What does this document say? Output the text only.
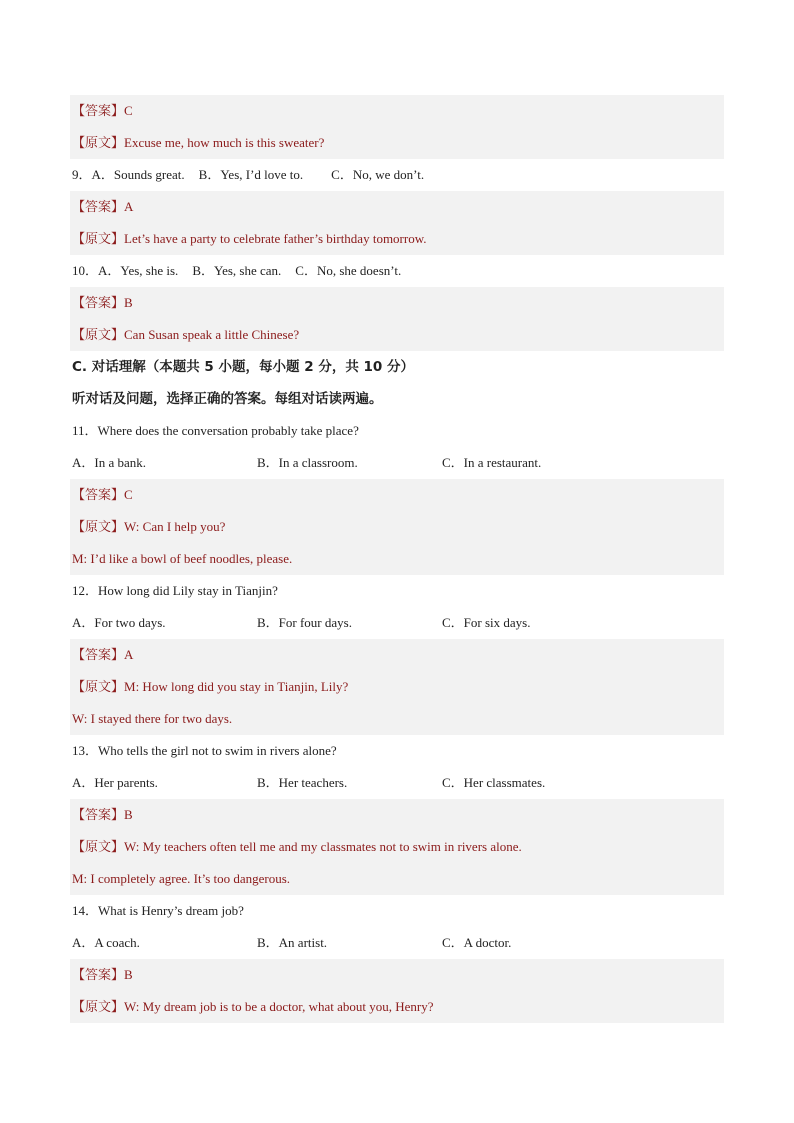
【答案】C
【原文】Excuse me, how much is this sweater?
9．A．Sounds great. B．Yes, I’d love to. C．No, we don’t.
【答案】A
【原文】Let’s have a party to celebrate father’s birthday tomorrow.
10．A．Yes, she is. B．Yes, she can. C．No, she doesn’t.
【答案】B
【原文】Can Susan speak a little Chinese?
C. 对话理解（本题共 5 小题，每小题 2 分，共 10 分）
听对话及问题，选择正确的答案。每组对话读两遍。
11．Where does the conversation probably take place?
A．In a bank.	B．In a classroom.	C．In a restaurant.
【答案】C
【原文】W: Can I help you?
M: I’d like a bowl of beef noodles, please.
12．How long did Lily stay in Tianjin?
A．For two days.	B．For four days.	C．For six days.
【答案】A
【原文】M: How long did you stay in Tianjin, Lily?
W: I stayed there for two days.
13．Who tells the girl not to swim in rivers alone?
A．Her parents.	B．Her teachers.	C．Her classmates.
【答案】B
【原文】W: My teachers often tell me and my classmates not to swim in rivers alone.
M: I completely agree. It’s too dangerous.
14．What is Henry’s dream job?
A．A coach.	B．An artist.	C．A doctor.
【答案】B
【原文】W: My dream job is to be a doctor, what about you, Henry?
